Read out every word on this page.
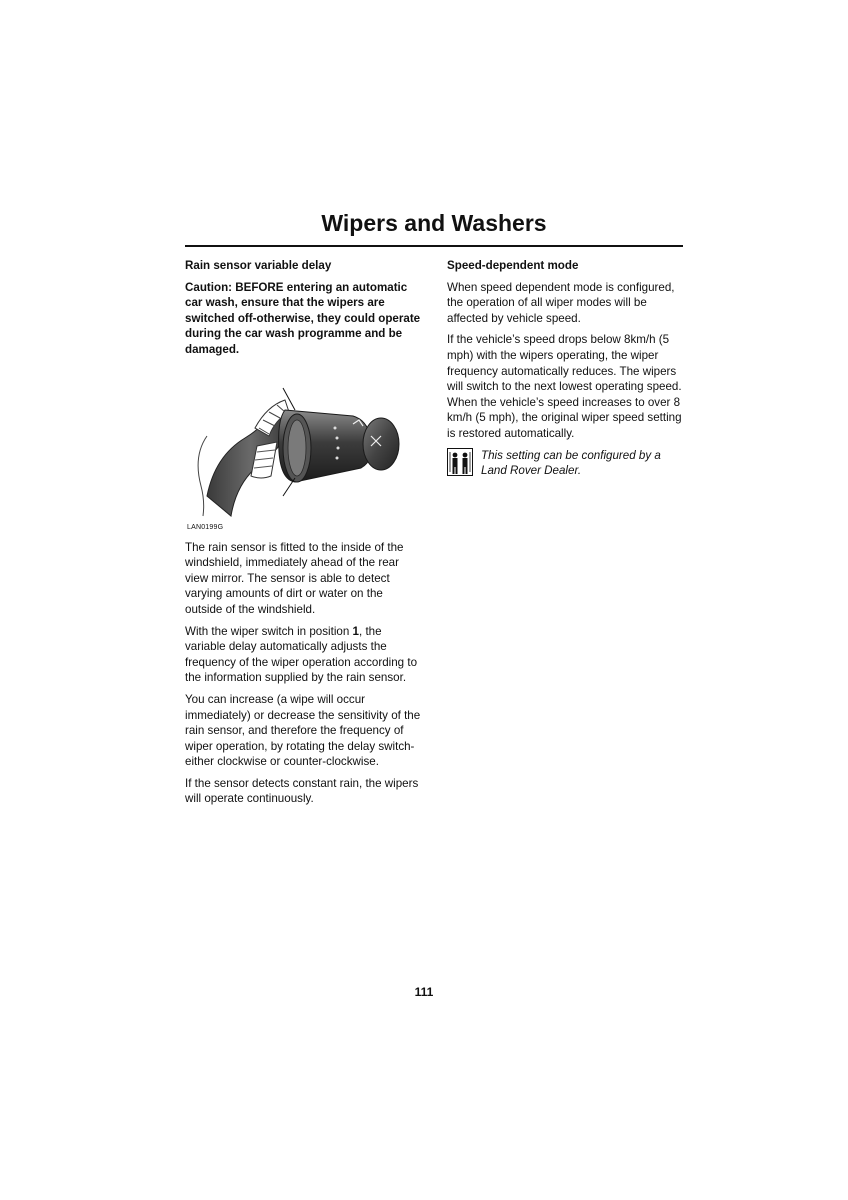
Wipers and Washers
Rain sensor variable delay

Caution: BEFORE entering an automatic car wash, ensure that the wipers are switched off-otherwise, they could operate during the car wash programme and be damaged.

LAN0199G

The rain sensor is fitted to the inside of the windshield, immediately ahead of the rear view mirror. The sensor is able to detect varying amounts of dirt or water on the outside of the windshield.

With the wiper switch in position 1, the variable delay automatically adjusts the frequency of the wiper operation according to the information supplied by the rain sensor.

You can increase (a wipe will occur immediately) or decrease the sensitivity of the rain sensor, and therefore the frequency of wiper operation, by rotating the delay switch-either clockwise or counter-clockwise.

If the sensor detects constant rain, the wipers will operate continuously.

Speed-dependent mode

When speed dependent mode is configured, the operation of all wiper modes will be affected by vehicle speed.

If the vehicle’s speed drops below 8km/h (5 mph) with the wipers operating, the wiper frequency automatically reduces. The wipers will switch to the next lowest operating speed. When the vehicle’s speed increases to over 8 km/h (5 mph), the original wiper speed setting is restored automatically.

This setting can be configured by a Land Rover Dealer.
111
